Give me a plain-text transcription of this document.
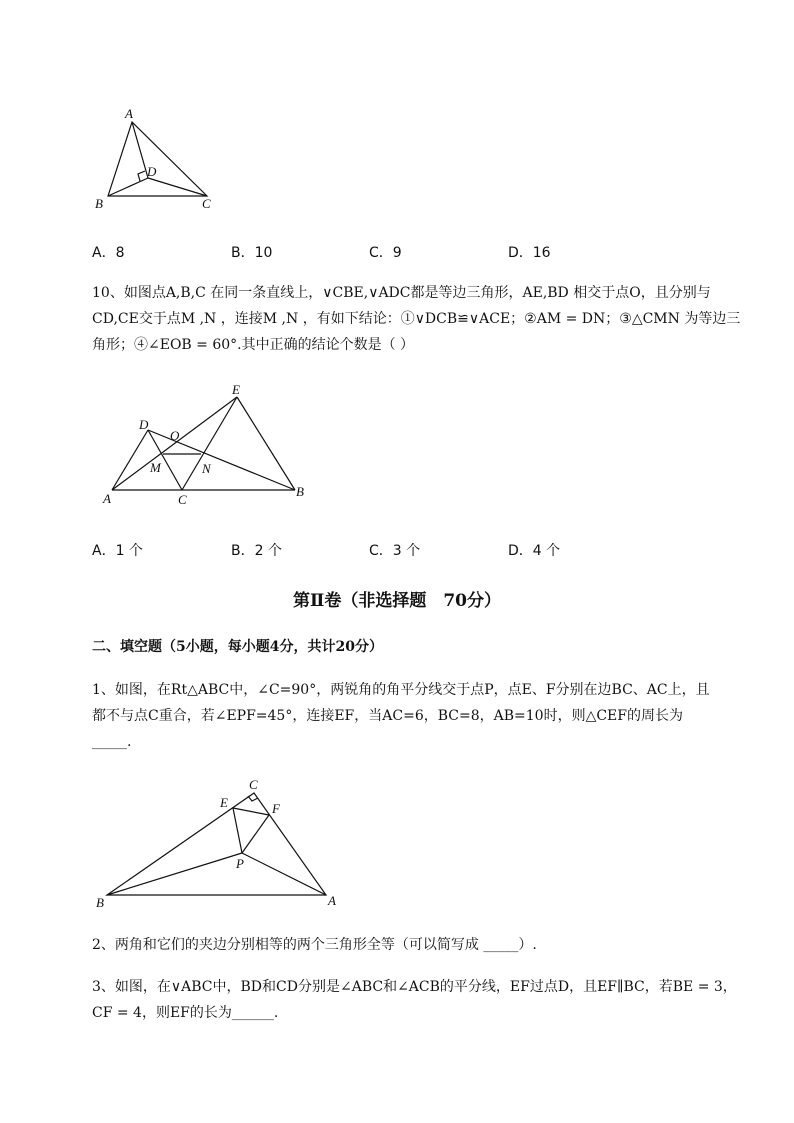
A
B	C
D
A．8	B．10	C．9	D．16
10、如图点A,B,C 在同一条直线上，∨CBE,∨ADC都是等边三角形，AE,BD 相交于点O，且分别与
CD,CE交于点M ,N ，连接M ,N ，有如下结论：①∨DCB≌∨ACE；②AM = DN；③△CMN 为等边三
角形；④∠EOB = 60°.其中正确的结论个数是（ ）
A	B
C
D
E
O
M	N
A．1 个	B．2 个	C．3 个	D．4 个
第Ⅱ卷（非选择题　70分）
二、填空题（5小题，每小题4分，共计20分）
1、如图，在Rt△ABC中，∠C=90°，两锐角的角平分线交于点P，点E、F分别在边BC、AC上，且
都不与点C重合，若∠EPF=45°，连接EF，当AC=6，BC=8，AB=10时，则△CEF的周长为
_____.
A
B
C
E	F
P
2、两角和它们的夹边分别相等的两个三角形全等（可以简写成 _____）.
3、如图，在∨ABC中，BD和CD分别是∠ABC和∠ACB的平分线，EF过点D，且EF∥BC，若BE = 3，
CF = 4，则EF的长为______.
